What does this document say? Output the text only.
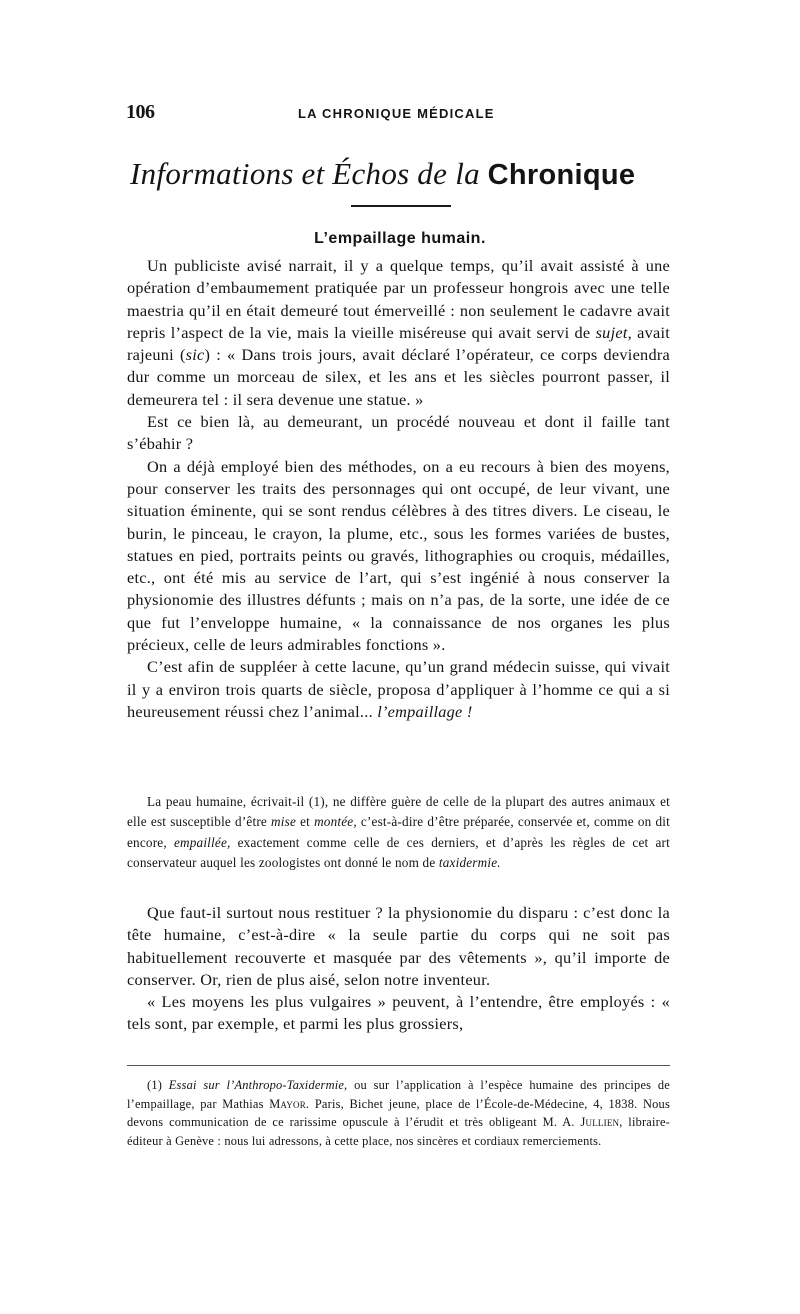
106	LA CHRONIQUE MÉDICALE
Informations et Échos de la Chronique
L’empaillage humain.

Un publiciste avisé narrait, il y a quelque temps, qu’il avait assisté à une opération d’embaumement pratiquée par un professeur hongrois avec une telle maestria qu’il en était demeuré tout émerveillé : non seulement le cadavre avait repris l’aspect de la vie, mais la vieille miséreuse qui avait servi de sujet, avait rajeuni (sic) : « Dans trois jours, avait déclaré l’opérateur, ce corps deviendra dur comme un morceau de silex, et les ans et les siècles pourront passer, il demeurera tel : il sera devenue une statue. »

Est ce bien là, au demeurant, un procédé nouveau et dont il faille tant s’ébahir ?

On a déjà employé bien des méthodes, on a eu recours à bien des moyens, pour conserver les traits des personnages qui ont occupé, de leur vivant, une situation éminente, qui se sont rendus célèbres à des titres divers. Le ciseau, le burin, le pinceau, le crayon, la plume, etc., sous les formes variées de bustes, statues en pied, portraits peints ou gravés, lithographies ou croquis, médailles, etc., ont été mis au service de l’art, qui s’est ingénié à nous conserver la physionomie des illustres défunts ; mais on n’a pas, de la sorte, une idée de ce que fut l’enveloppe humaine, « la connaissance de nos organes les plus précieux, celle de leurs admirables fonctions ».

C’est afin de suppléer à cette lacune, qu’un grand médecin suisse, qui vivait il y a environ trois quarts de siècle, proposa d’appliquer à l’homme ce qui a si heureusement réussi chez l’animal... l’empaillage !

La peau humaine, écrivait-il (1), ne diffère guère de celle de la plupart des autres animaux et elle est susceptible d’être mise et montée, c’est-à-dire d’être préparée, conservée et, comme on dit encore, empaillée, exactement comme celle de ces derniers, et d’après les règles de cet art conservateur auquel les zoologistes ont donné le nom de taxidermie.

Que faut-il surtout nous restituer ? la physionomie du disparu : c’est donc la tête humaine, c’est-à-dire « la seule partie du corps qui ne soit pas habituellement recouverte et masquée par des vêtements », qu’il importe de conserver. Or, rien de plus aisé, selon notre inventeur.

« Les moyens les plus vulgaires » peuvent, à l’entendre, être employés : « tels sont, par exemple, et parmi les plus grossiers,

(1) Essai sur l’Anthropo-Taxidermie, ou sur l’application à l’espèce humaine des principes de l’empaillage, par Mathias Mayor. Paris, Bichet jeune, place de l’École-de-Médecine, 4, 1838. Nous devons communication de ce rarissime opuscule à l’érudit et très obligeant M. A. Jullien, libraire-éditeur à Genève : nous lui adressons, à cette place, nos sincères et cordiaux remerciements.
